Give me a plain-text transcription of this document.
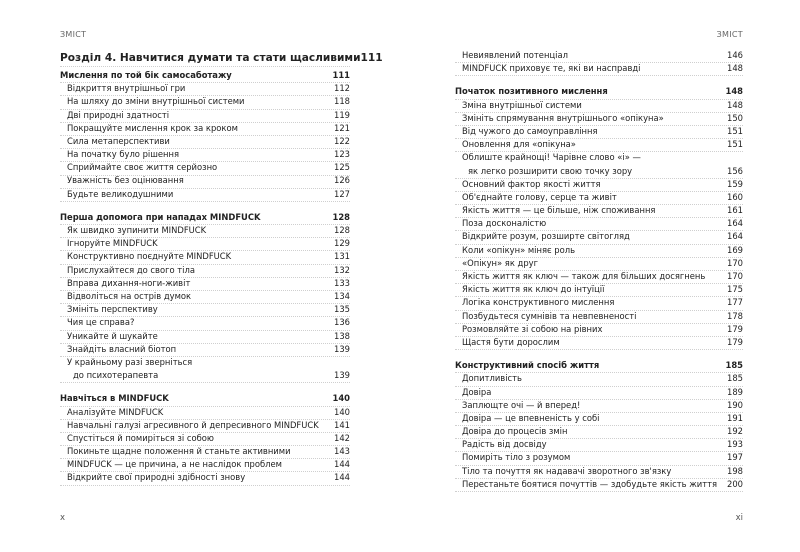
ЗМІСТ
Розділ 4. Навчитися думати та стати щасливими 111
Мислення по той бік самосаботажу	111
Відкриття внутрішньої гри	112
На шляху до зміни внутрішньої системи	118
Дві природні здатності	119
Покращуйте мислення крок за кроком	121
Сила метаперспективи	122
На початку було рішення	123
Сприймайте своє життя серйозно	125
Уважність без оцінювання	126
Будьте великодушними	127
Перша допомога при нападах MINDFUCK	128
Як швидко зупинити MINDFUCK	128
Ігноруйте MINDFUCK	129
Конструктивно поєднуйте MINDFUCK	131
Прислухайтеся до свого тіла	132
Вправа дихання-ноги-живіт	133
Відволіться на острів думок	134
Змініть перспективу	135
Чия це справа?	136
Уникайте й шукайте	138
Знайдіть власний біотоп	139
У крайньому разі зверніться
до психотерапевта	139
Навчіться в MINDFUCK	140
Аналізуйте MINDFUCK	140
Навчальні галузі агресивного й депресивного MINDFUCK 141
Спустіться й помиріться зі собою	142
Покиньте щадне положення й станьте активними	143
MINDFUCK — це причина, а не наслідок проблем	144
Відкрийте свої природні здібності знову	144
x
ЗМІСТ
Невиявлений потенціал	146
MINDFUCK приховує те, які ви насправді	148
Початок позитивного мислення	148
Зміна внутрішньої системи	148
Змініть спрямування внутрішнього «опікуна»	150
Від чужого до самоуправління	151
Оновлення для «опікуна»	151
Облиште крайнощі! Чарівне слово «і» —
як легко розширити свою точку зору	156
Основний фактор якості життя	159
Об'єднайте голову, серце та живіт	160
Якість життя — це більше, ніж споживання	161
Поза досконалістю	164
Відкрийте розум, розширте світогляд	164
Коли «опікун» міняє роль	169
«Опікун» як друг	170
Якість життя як ключ — також для більших досягнень	170
Якість життя як ключ до інтуїції	175
Логіка конструктивного мислення	177
Позбудьтеся сумнівів та невпевненості	178
Розмовляйте зі собою на рівних	179
Щастя бути дорослим	179
Конструктивний спосіб життя	185
Допитливість	185
Довіра	189
Заплющте очі — й вперед!	190
Довіра — це впевненість у собі	191
Довіра до процесів змін	192
Радість від досвіду	193
Помиріть тіло з розумом	197
Тіло та почуття як надавачі зворотного зв'язку	198
Перестаньте боятися почуттів — здобудьте якість життя 200
xi
